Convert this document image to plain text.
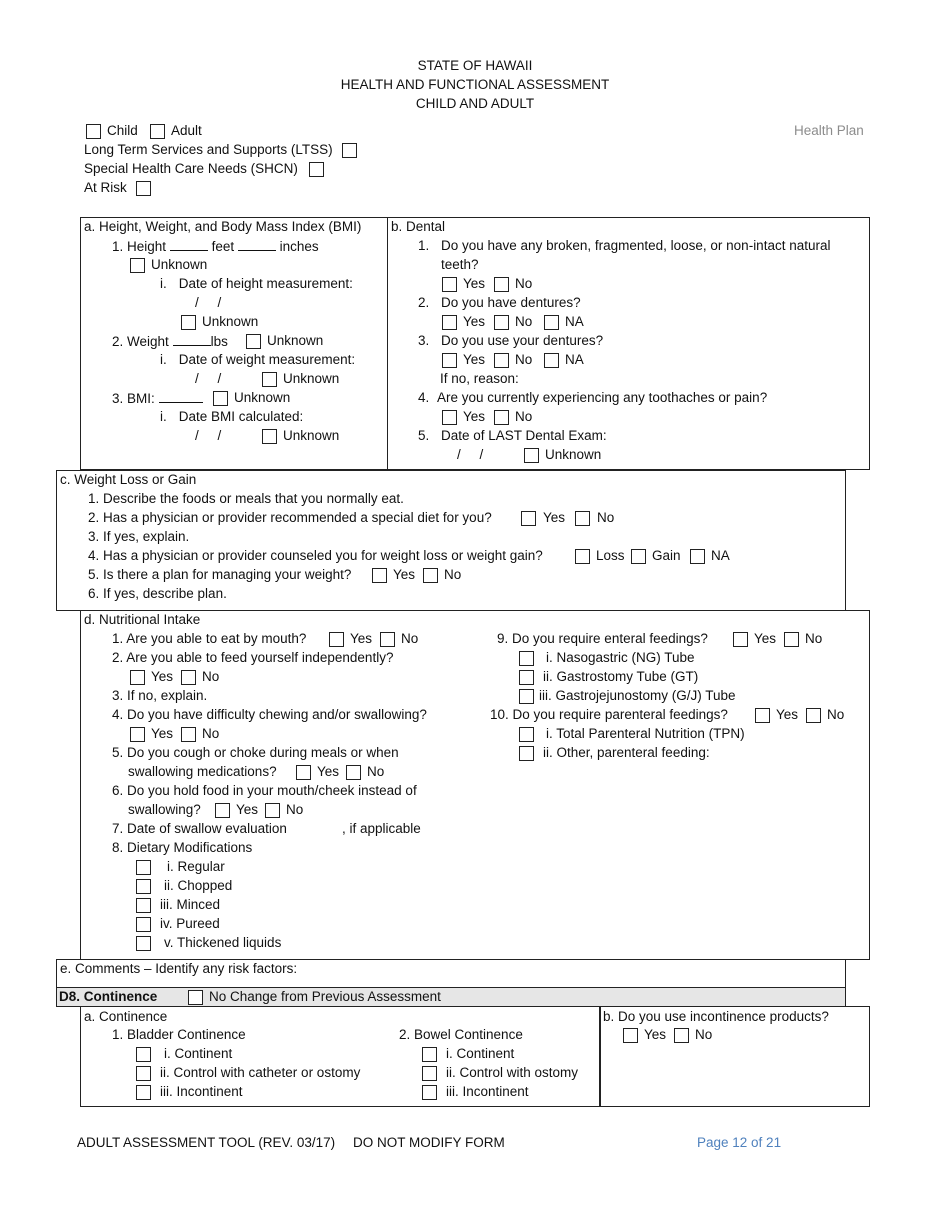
STATE OF HAWAII
HEALTH AND FUNCTIONAL ASSESSMENT
CHILD AND ADULT
Child Adult	Health Plan
Long Term Services and Supports (LTSS)
Special Health Care Needs (SHCN)
At Risk
a. Height, Weight, and Body Mass Index (BMI)
1. Height	feet	inches
Unknown
i. Date of height measurement:
/     /
Unknown
2. Weight	lbs	Unknown
i. Date of weight measurement:
/     /	Unknown
3. BMI:	Unknown
i. Date BMI calculated:
/     /	Unknown
b. Dental
1. Do you have any broken, fragmented, loose, or non-intact natural
teeth?
Yes No
2. Do you have dentures?
Yes No NA
3. Do you use your dentures?
Yes No NA
If no, reason:
4. Are you currently experiencing any toothaches or pain?
Yes No
5. Date of LAST Dental Exam:
/     /	Unknown
c. Weight Loss or Gain
1. Describe the foods or meals that you normally eat.
2. Has a physician or provider recommended a special diet for you?	Yes No
3. If yes, explain.
4. Has a physician or provider counseled you for weight loss or weight gain?	Loss Gain NA
5. Is there a plan for managing your weight?	Yes No
6. If yes, describe plan.
d. Nutritional Intake
1. Are you able to eat by mouth?	Yes No
2. Are you able to feed yourself independently?
Yes No
3. If no, explain.
4. Do you have difficulty chewing and/or swallowing?
Yes No
5. Do you cough or choke during meals or when
swallowing medications?	Yes No
6. Do you hold food in your mouth/cheek instead of
swallowing?	Yes No
7. Date of swallow evaluation	, if applicable
8. Dietary Modifications
i. Regular
ii. Chopped
iii. Minced
iv. Pureed
v. Thickened liquids
9. Do you require enteral feedings?	Yes No
i. Nasogastric (NG) Tube
ii. Gastrostomy Tube (GT)
iii. Gastrojejunostomy (G/J) Tube
10. Do you require parenteral feedings?	Yes No
i. Total Parenteral Nutrition (TPN)
ii. Other, parenteral feeding:
e. Comments – Identify any risk factors:
D8. Continence	No Change from Previous Assessment
a. Continence
1. Bladder Continence
i. Continent
ii. Control with catheter or ostomy
iii. Incontinent
2. Bowel Continence
i. Continent
ii. Control with ostomy
iii. Incontinent
b. Do you use incontinence products?
Yes No
ADULT ASSESSMENT TOOL (REV. 03/17) DO NOT MODIFY FORM	Page 12 of 21
